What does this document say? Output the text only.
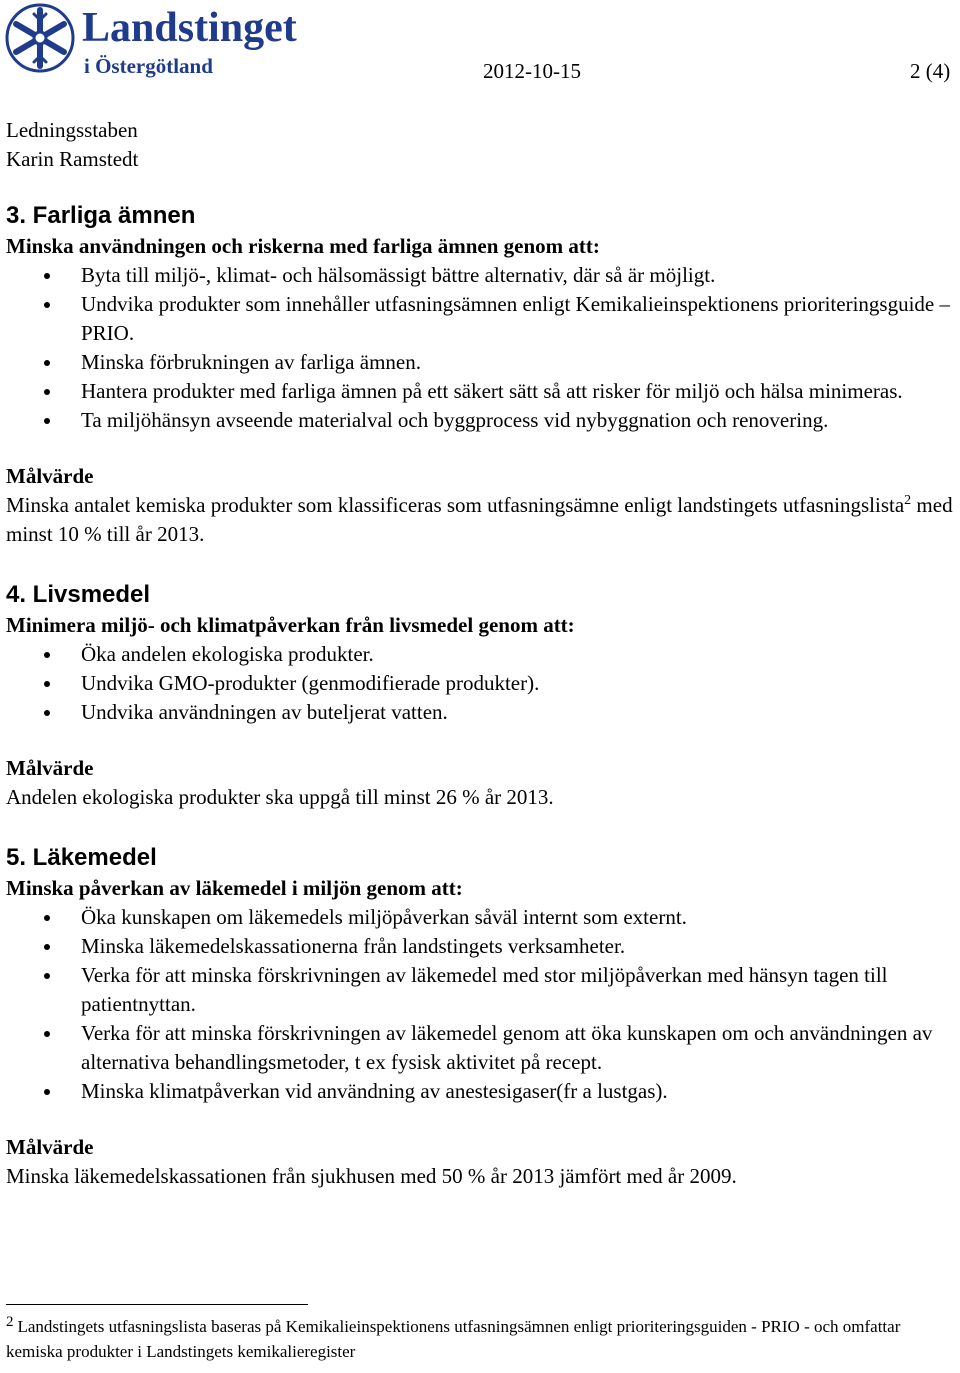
Landstinget
i Östergötland	2012-10-15	2 (4)
Ledningsstaben
Karin Ramstedt
3. Farliga ämnen

Minska användningen och riskerna med farliga ämnen genom att:

Byta till miljö-, klimat- och hälsomässigt bättre alternativ, där så är möjligt.
Undvika produkter som innehåller utfasningsämnen enligt Kemikalieinspektionens prioriteringsguide – PRIO.
Minska förbrukningen av farliga ämnen.
Hantera produkter med farliga ämnen på ett säkert sätt så att risker för miljö och hälsa minimeras.
Ta miljöhänsyn avseende materialval och byggprocess vid nybyggnation och renovering.

Målvärde

Minska antalet kemiska produkter som klassificeras som utfasningsämne enligt landstingets utfasningslista$^2$ med minst 10 % till år 2013.

4. Livsmedel

Minimera miljö- och klimatpåverkan från livsmedel genom att:

Öka andelen ekologiska produkter.
Undvika GMO-produkter (genmodifierade produkter).
Undvika användningen av buteljerat vatten.

Målvärde

Andelen ekologiska produkter ska uppgå till minst 26 % år 2013.

5. Läkemedel

Minska påverkan av läkemedel i miljön genom att:

Öka kunskapen om läkemedels miljöpåverkan såväl internt som externt.
Minska läkemedelskassationerna från landstingets verksamheter.
Verka för att minska förskrivningen av läkemedel med stor miljöpåverkan med hänsyn tagen till patientnyttan.
Verka för att minska förskrivningen av läkemedel genom att öka kunskapen om och användningen av alternativa behandlingsmetoder, t ex fysisk aktivitet på recept.
Minska klimatpåverkan vid användning av anestesigaser(fr a lustgas).

Målvärde

Minska läkemedelskassationen från sjukhusen med 50 % år 2013 jämfört med år 2009.

2 Landstingets utfasningslista baseras på Kemikalieinspektionens utfasningsämnen enligt prioriteringsguiden - PRIO - och omfattar kemiska produkter i Landstingets kemikalieregister
